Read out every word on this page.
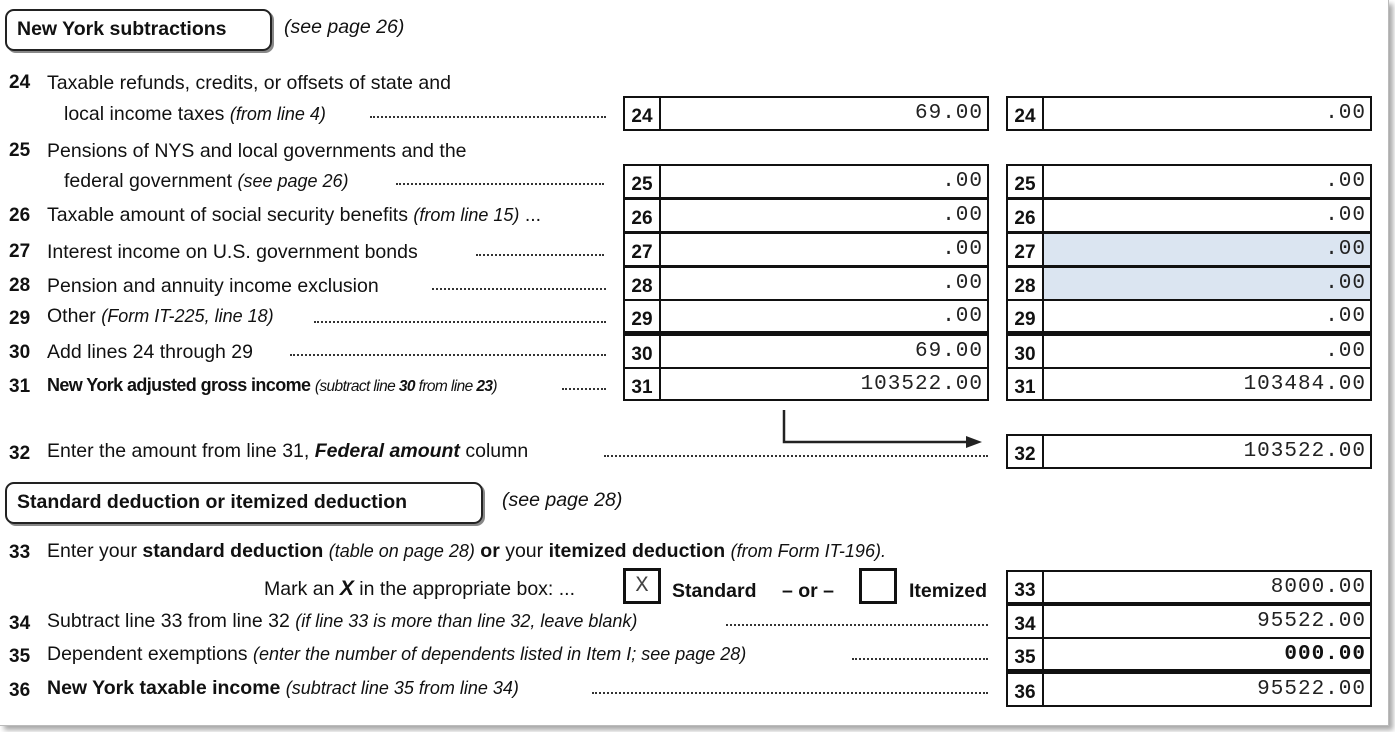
New York subtractions	(see page 26)
24 Taxable refunds, credits, or offsets of state and
local income taxes (from line 4)	24	69.00	24	.00
25 Pensions of NYS and local governments and the
federal government (see page 26)	25	.00	25	.00
26 Taxable amount of social security benefits (from line 15) ...	26	.00	26	.00
27 Interest income on U.S. government bonds	27	.00	27	.00
28 Pension and annuity income exclusion	28	.00	28	.00
29 Other (Form IT-225, line 18)	29	.00	29	.00
30 Add lines 24 through 29	30	69.00	30	.00
31 New York adjusted gross income (subtract line 30 from line 23)	31	103522.00	31	103484.00
32 Enter the amount from line 31, Federal amount column	32	103522.00
Standard deduction or itemized deduction	(see page 28)
33 Enter your standard deduction (table on page 28) or your itemized deduction (from Form IT-196).
Mark an X in the appropriate box: ...	X	Standard – or –	Itemized	33	8000.00
34 Subtract line 33 from line 32 (if line 33 is more than line 32, leave blank)	34	95522.00
35 Dependent exemptions (enter the number of dependents listed in Item I; see page 28)	35	000.00
36 New York taxable income (subtract line 35 from line 34)	36	95522.00
